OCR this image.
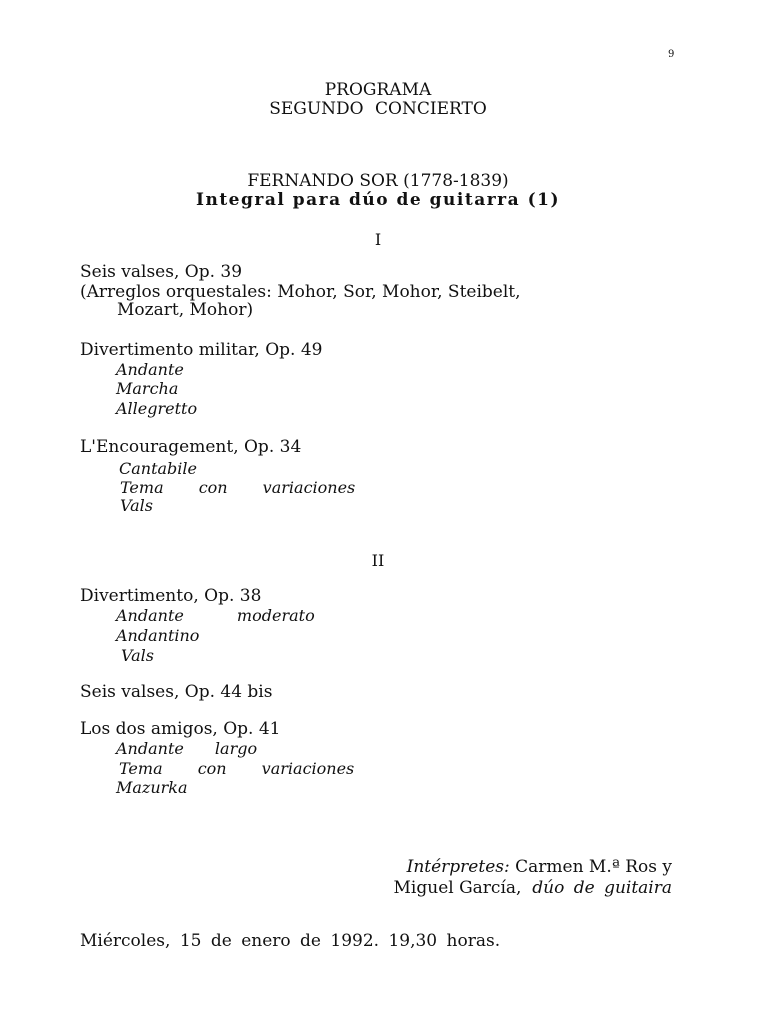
9
PROGRAMA
SEGUNDO CONCIERTO
FERNANDO SOR (1778-1839)
Integral para dúo de guitarra (1)
I
Seis valses, Op. 39
(Arreglos orquestales: Mohor, Sor, Mohor, Steibelt,
Mozart, Mohor)
Divertimento militar, Op. 49
Andante
Marcha
Allegretto
L'Encouragement, Op. 34
Cantabile
Tema con variaciones
Vals
II
Divertimento, Op. 38
Andante moderato
Andantino
Vals
Seis valses, Op. 44 bis
Los dos amigos, Op. 41
Andante largo
Tema con variaciones
Mazurka
Intérpretes: Carmen M.ª Ros y
Miguel García, dúo de guitaira
Miércoles, 15 de enero de 1992. 19,30 horas.
